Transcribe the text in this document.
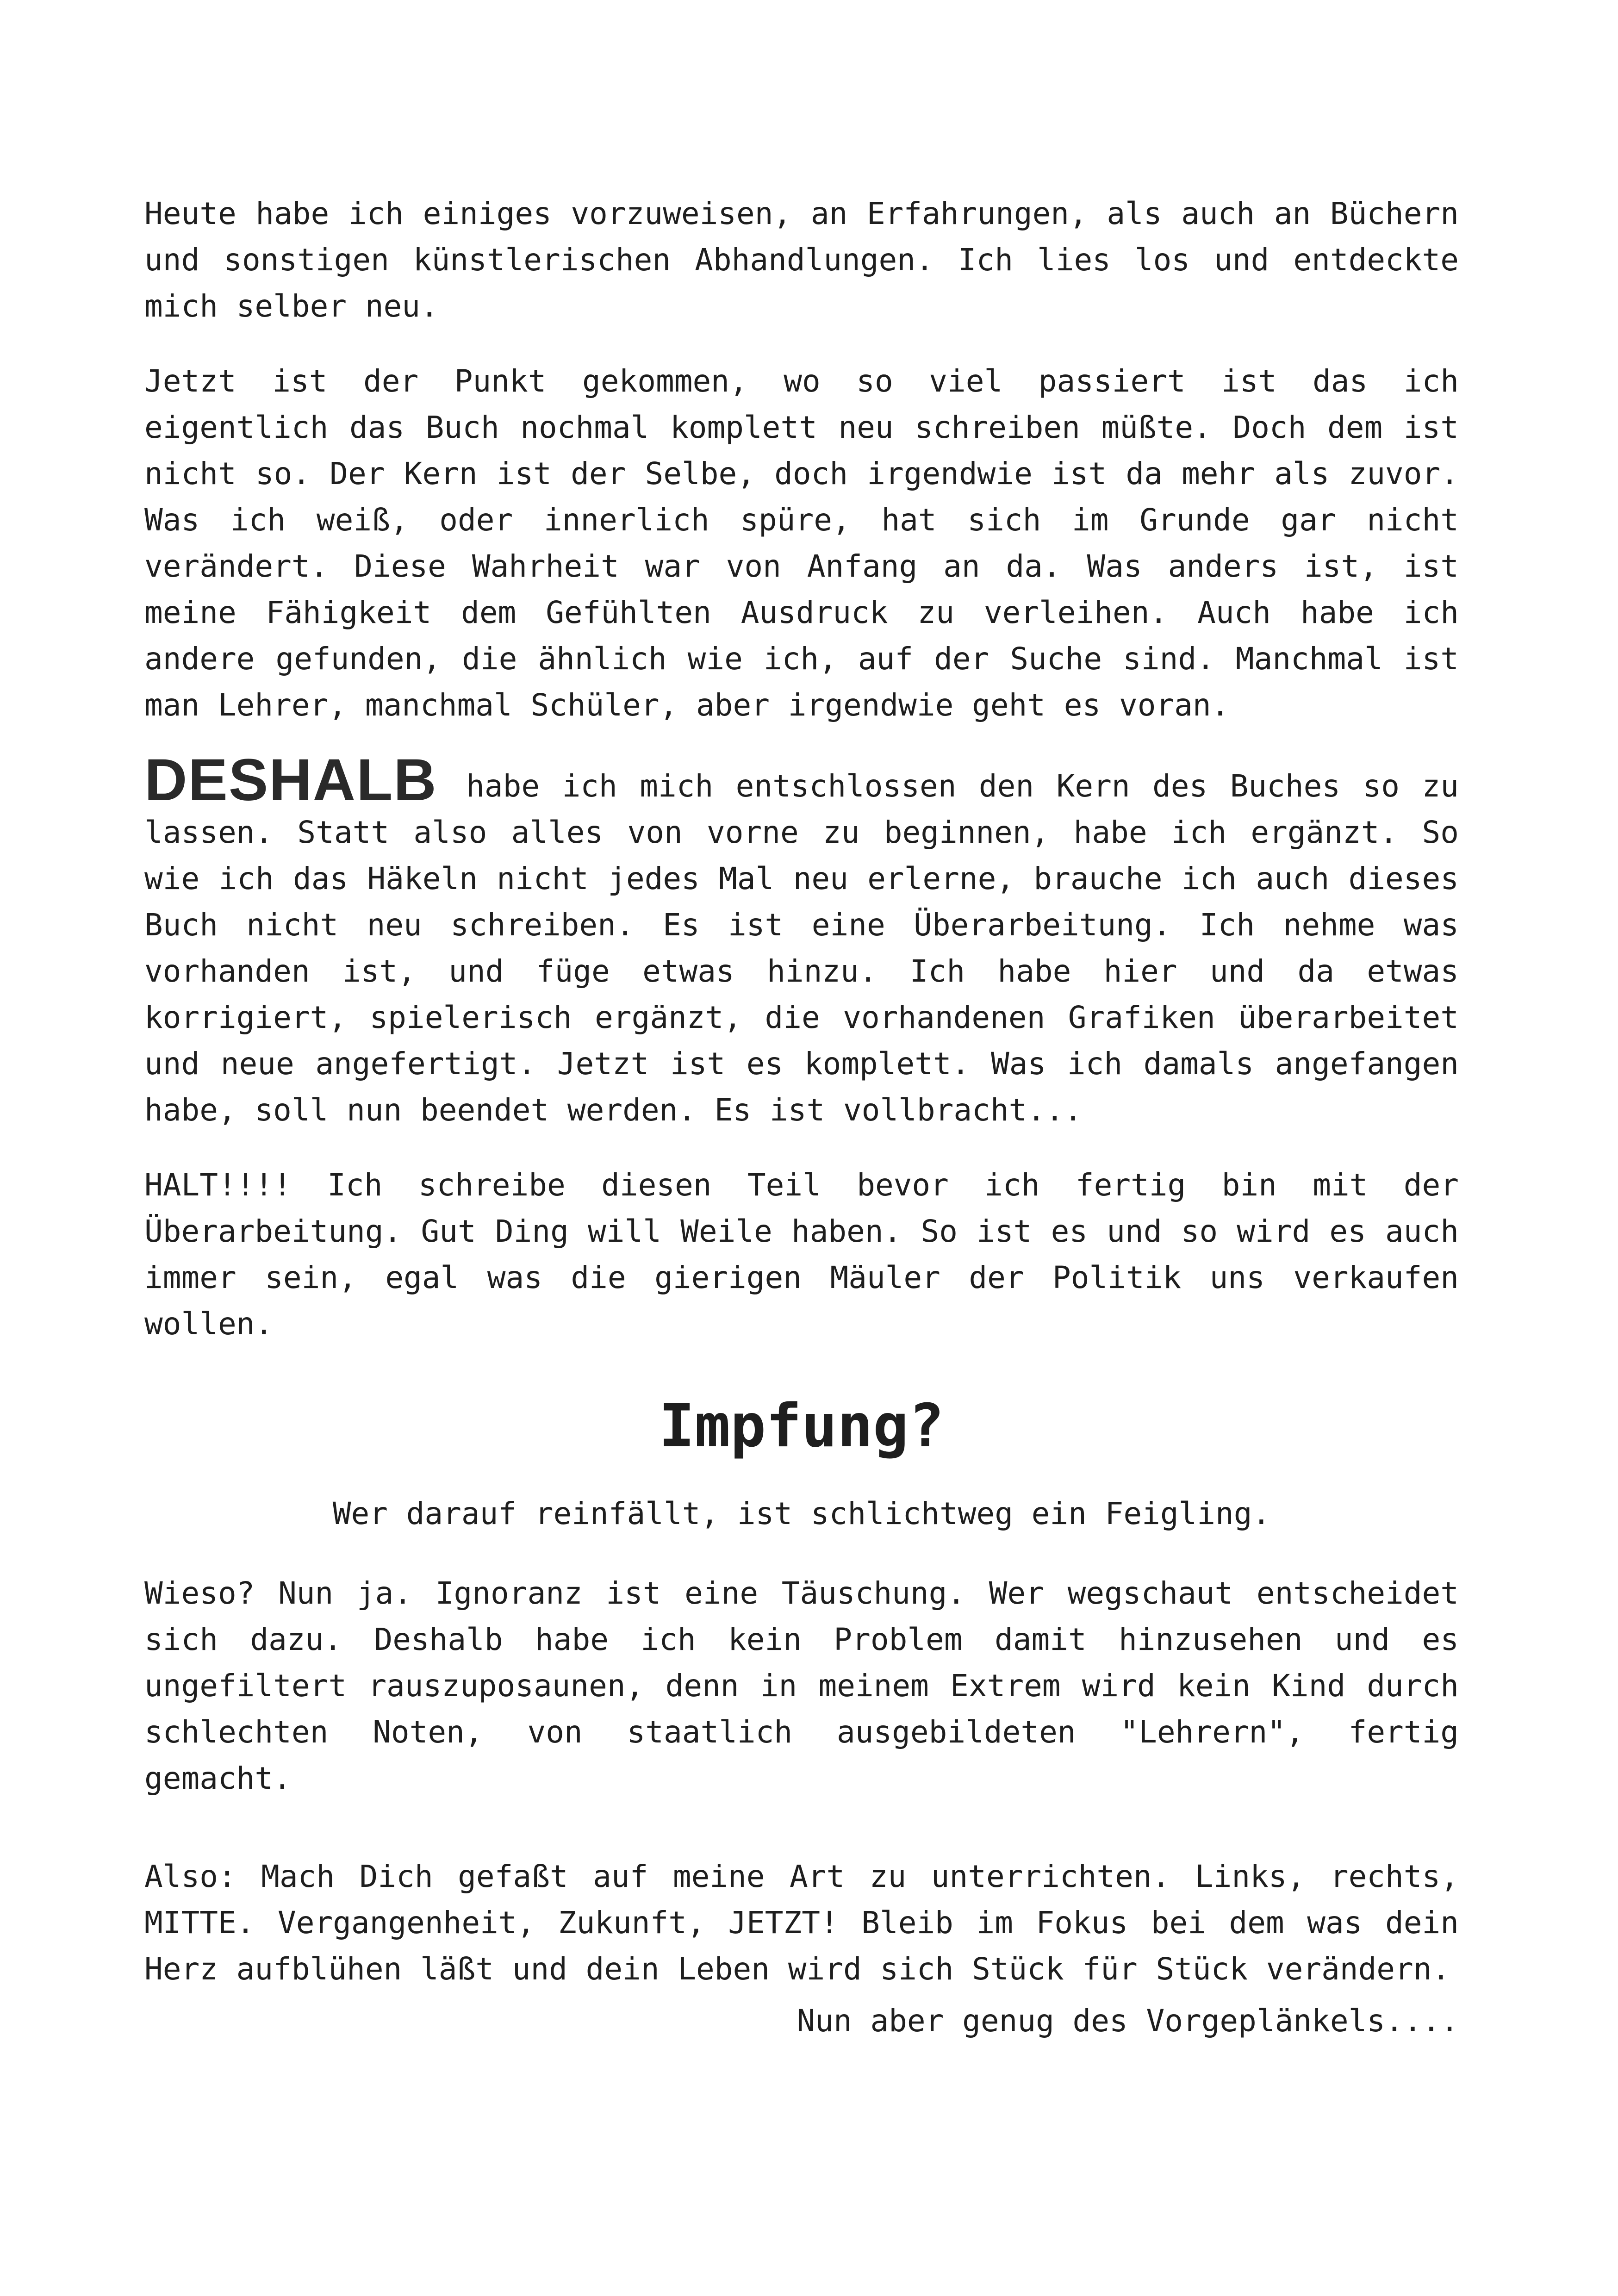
Heute habe ich einiges vorzuweisen, an Erfahrungen, als auch an Büchern und sonstigen künstlerischen Abhandlungen. Ich lies los und entdeckte mich selber neu.

Jetzt ist der Punkt gekommen, wo so viel passiert ist das ich eigentlich das Buch nochmal komplett neu schreiben müßte. Doch dem ist nicht so. Der Kern ist der Selbe, doch irgendwie ist da mehr als zuvor. Was ich weiß, oder innerlich spüre, hat sich im Grunde gar nicht verändert. Diese Wahrheit war von Anfang an da. Was anders ist, ist meine Fähigkeit dem Gefühlten Ausdruck zu verleihen. Auch habe ich andere gefunden, die ähnlich wie ich, auf der Suche sind. Manchmal ist man Lehrer, manchmal Schüler, aber irgendwie geht es voran.

DESHALB habe ich mich entschlossen den Kern des Buches so zu lassen. Statt also alles von vorne zu beginnen, habe ich ergänzt. So wie ich das Häkeln nicht jedes Mal neu erlerne, brauche ich auch dieses Buch nicht neu schreiben. Es ist eine Überarbeitung. Ich nehme was vorhanden ist, und füge etwas hinzu. Ich habe hier und da etwas korrigiert, spielerisch ergänzt, die vorhandenen Grafiken überarbeitet und neue angefertigt. Jetzt ist es komplett. Was ich damals angefangen habe, soll nun beendet werden. Es ist vollbracht...

HALT!!!! Ich schreibe diesen Teil bevor ich fertig bin mit der Überarbeitung. Gut Ding will Weile haben. So ist es und so wird es auch immer sein, egal was die gierigen Mäuler der Politik uns verkaufen wollen.

Impfung?
Wer darauf reinfällt, ist schlichtweg ein Feigling.

Wieso? Nun ja. Ignoranz ist eine Täuschung. Wer wegschaut entscheidet sich dazu. Deshalb habe ich kein Problem damit hinzusehen und es ungefiltert rauszuposaunen, denn in meinem Extrem wird kein Kind durch schlechten Noten, von staatlich ausgebildeten "Lehrern", fertig gemacht.

Also: Mach Dich gefaßt auf meine Art zu unterrichten. Links, rechts, MITTE. Vergangenheit, Zukunft, JETZT! Bleib im Fokus bei dem was dein Herz aufblühen läßt und dein Leben wird sich Stück für Stück verändern.

Nun aber genug des Vorgeplänkels....
